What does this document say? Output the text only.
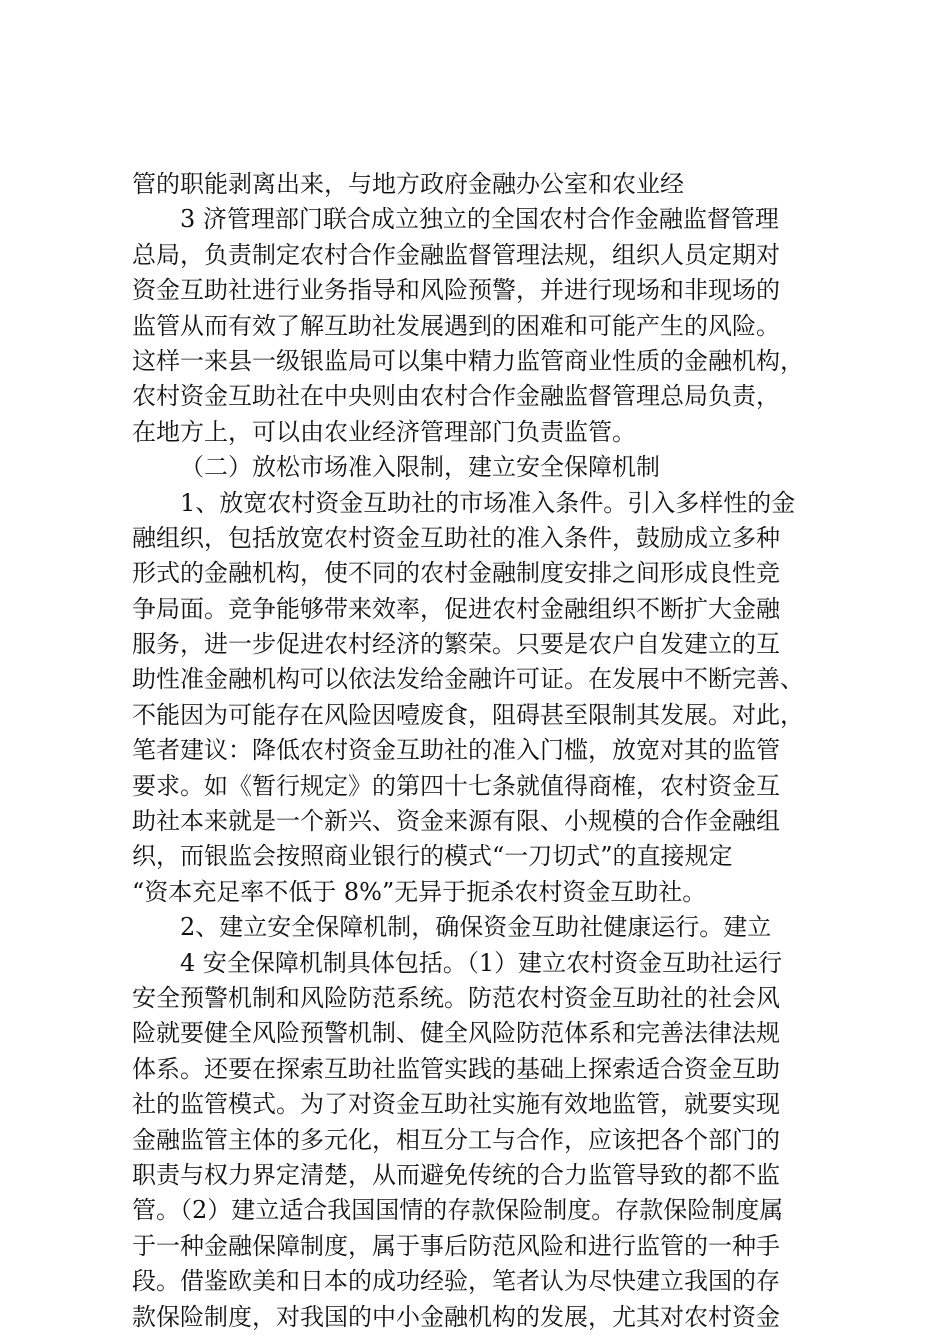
管的职能剥离出来，与地方政府金融办公室和农业经
3 济管理部门联合成立独立的全国农村合作金融监督管理
总局，负责制定农村合作金融监督管理法规，组织人员定期对
资金互助社进行业务指导和风险预警，并进行现场和非现场的
监管从而有效了解互助社发展遇到的困难和可能产生的风险。
这样一来县一级银监局可以集中精力监管商业性质的金融机构，
农村资金互助社在中央则由农村合作金融监督管理总局负责，
在地方上，可以由农业经济管理部门负责监管。
（二）放松市场准入限制，建立安全保障机制
1、放宽农村资金互助社的市场准入条件。引入多样性的金
融组织，包括放宽农村资金互助社的准入条件，鼓励成立多种
形式的金融机构，使不同的农村金融制度安排之间形成良性竞
争局面。竞争能够带来效率，促进农村金融组织不断扩大金融
服务，进一步促进农村经济的繁荣。只要是农户自发建立的互
助性准金融机构可以依法发给金融许可证。在发展中不断完善、
不能因为可能存在风险因噎废食，阻碍甚至限制其发展。对此，
笔者建议：降低农村资金互助社的准入门槛，放宽对其的监管
要求。如《暂行规定》的第四十七条就值得商榷，农村资金互
助社本来就是一个新兴、资金来源有限、小规模的合作金融组
织，而银监会按照商业银行的模式“一刀切式”的直接规定
“资本充足率不低于 8%”无异于扼杀农村资金互助社。
2、建立安全保障机制，确保资金互助社健康运行。建立
4 安全保障机制具体包括。（1）建立农村资金互助社运行
安全预警机制和风险防范系统。防范农村资金互助社的社会风
险就要健全风险预警机制、健全风险防范体系和完善法律法规
体系。还要在探索互助社监管实践的基础上探索适合资金互助
社的监管模式。为了对资金互助社实施有效地监管，就要实现
金融监管主体的多元化，相互分工与合作，应该把各个部门的
职责与权力界定清楚，从而避免传统的合力监管导致的都不监
管。（2）建立适合我国国情的存款保险制度。存款保险制度属
于一种金融保障制度，属于事后防范风险和进行监管的一种手
段。借鉴欧美和日本的成功经验，笔者认为尽快建立我国的存
款保险制度，对我国的中小金融机构的发展，尤其对农村资金
